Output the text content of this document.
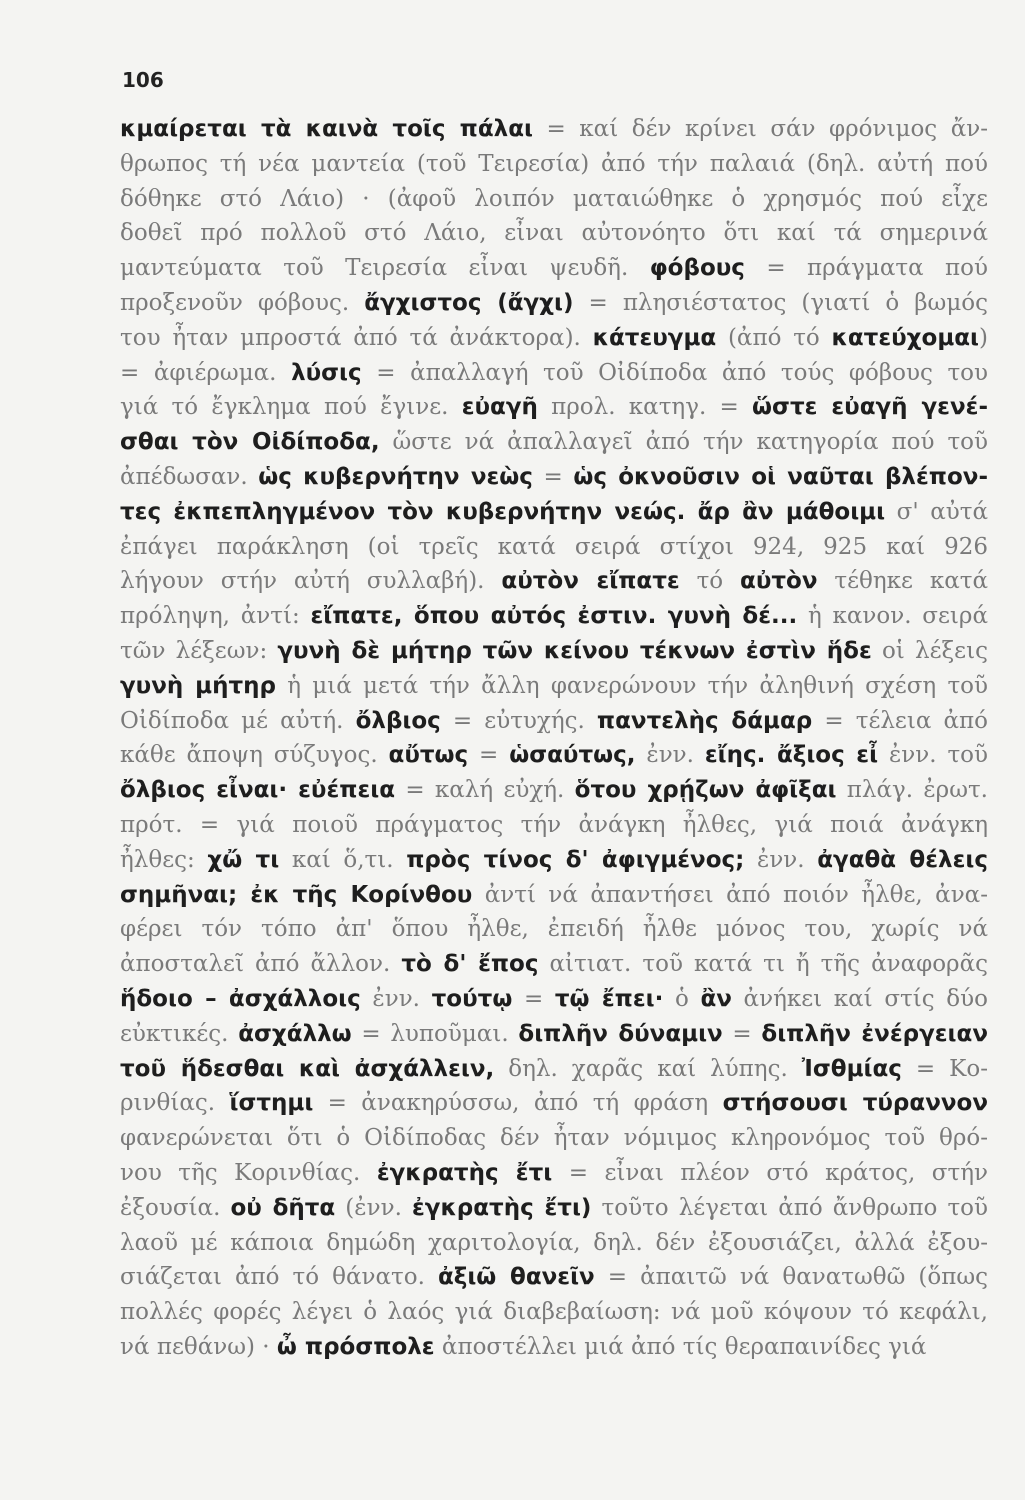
106
κμαίρεται τὰ καινὰ τοῖς πάλαι = καί δέν κρίνει σάν φρόνιμος ἄν-
θρωπος τή νέα μαντεία (τοῦ Τειρεσία) ἀπό τήν παλαιά (δηλ. αὐτή πού
δόθηκε στό Λάιο) · (ἀφοῦ λοιπόν ματαιώθηκε ὁ χρησμός πού εἶχε
δοθεῖ πρό πολλοῦ στό Λάιο, εἶναι αὐτονόητο ὅτι καί τά σημερινά
μαντεύματα τοῦ Τειρεσία εἶναι ψευδῆ. φόβους = πράγματα πού
προξενοῦν φόβους. ἄγχιστος (ἄγχι) = πλησιέστατος (γιατί ὁ βωμός
του ἦταν μπροστά ἀπό τά ἀνάκτορα). κάτευγμα (ἀπό τό κατεύχομαι)
= ἀφιέρωμα. λύσις = ἀπαλλαγή τοῦ Οἰδίποδα ἀπό τούς φόβους του
γιά τό ἔγκλημα πού ἔγινε. εὐαγῆ προλ. κατηγ. = ὥστε εὐαγῆ γενέ-
σθαι τὸν Οἰδίποδα, ὥστε νά ἀπαλλαγεῖ ἀπό τήν κατηγορία πού τοῦ
ἀπέδωσαν. ὡς κυβερνήτην νεὼς = ὡς ὀκνοῦσιν οἱ ναῦται βλέπον-
τες ἐκπεπληγμένον τὸν κυβερνήτην νεώς. ἄρ ἂν μάθοιμι σ' αὐτά
ἐπάγει παράκληση (οἱ τρεῖς κατά σειρά στίχοι 924, 925 καί 926
λήγουν στήν αὐτή συλλαβή). αὐτὸν εἴπατε τό αὐτὸν τέθηκε κατά
πρόληψη, ἀντί: εἴπατε, ὅπου αὐτός ἐστιν. γυνὴ δέ... ἡ κανον. σειρά
τῶν λέξεων: γυνὴ δὲ μήτηρ τῶν κείνου τέκνων ἐστὶν ἥδε οἱ λέξεις
γυνὴ μήτηρ ἡ μιά μετά τήν ἄλλη φανερώνουν τήν ἀληθινή σχέση τοῦ
Οἰδίποδα μέ αὐτή. ὄλβιος = εὐτυχής. παντελὴς δάμαρ = τέλεια ἀπό
κάθε ἄποψη σύζυγος. αὔτως = ὡσαύτως, ἐνν. εἴης. ἄξιος εἶ ἐνν. τοῦ
ὄλβιος εἶναι· εὐέπεια = καλή εὐχή. ὅτου χρῄζων ἀφῖξαι πλάγ. ἐρωτ.
πρότ. = γιά ποιοῦ πράγματος τήν ἀνάγκη ἦλθες, γιά ποιά ἀνάγκη
ἦλθες: χὤ τι καί ὅ,τι. πρὸς τίνος δ' ἀφιγμένος; ἐνν. ἀγαθὰ θέλεις
σημῆναι; ἐκ τῆς Κορίνθου ἀντί νά ἀπαντήσει ἀπό ποιόν ἦλθε, ἀνα-
φέρει τόν τόπο ἀπ' ὅπου ἦλθε, ἐπειδή ἦλθε μόνος του, χωρίς νά
ἀποσταλεῖ ἀπό ἄλλον. τὸ δ' ἔπος αἰτιατ. τοῦ κατά τι ἤ τῆς ἀναφορᾶς
ἥδοιο – ἀσχάλλοις ἐνν. τούτῳ = τῷ ἔπει· ὁ ἂν ἀνήκει καί στίς δύο
εὐκτικές. ἀσχάλλω = λυποῦμαι. διπλῆν δύναμιν = διπλῆν ἐνέργειαν
τοῦ ἥδεσθαι καὶ ἀσχάλλειν, δηλ. χαρᾶς καί λύπης. Ἰσθμίας = Κο-
ρινθίας. ἵστημι = ἀνακηρύσσω, ἀπό τή φράση στήσουσι τύραννον
φανερώνεται ὅτι ὁ Οἰδίποδας δέν ἦταν νόμιμος κληρονόμος τοῦ θρό-
νου τῆς Κορινθίας. ἐγκρατὴς ἔτι = εἶναι πλέον στό κράτος, στήν
ἐξουσία. οὐ δῆτα (ἐνν. ἐγκρατὴς ἔτι) τοῦτο λέγεται ἀπό ἄνθρωπο τοῦ
λαοῦ μέ κάποια δημώδη χαριτολογία, δηλ. δέν ἐξουσιάζει, ἀλλά ἐξου-
σιάζεται ἀπό τό θάνατο. ἀξιῶ θανεῖν = ἀπαιτῶ νά θανατωθῶ (ὅπως
πολλές φορές λέγει ὁ λαός γιά διαβεβαίωση: νά μοῦ κόψουν τό κεφάλι,
νά πεθάνω) · ὦ πρόσπολε ἀποστέλλει μιά ἀπό τίς θεραπαινίδες γιά
